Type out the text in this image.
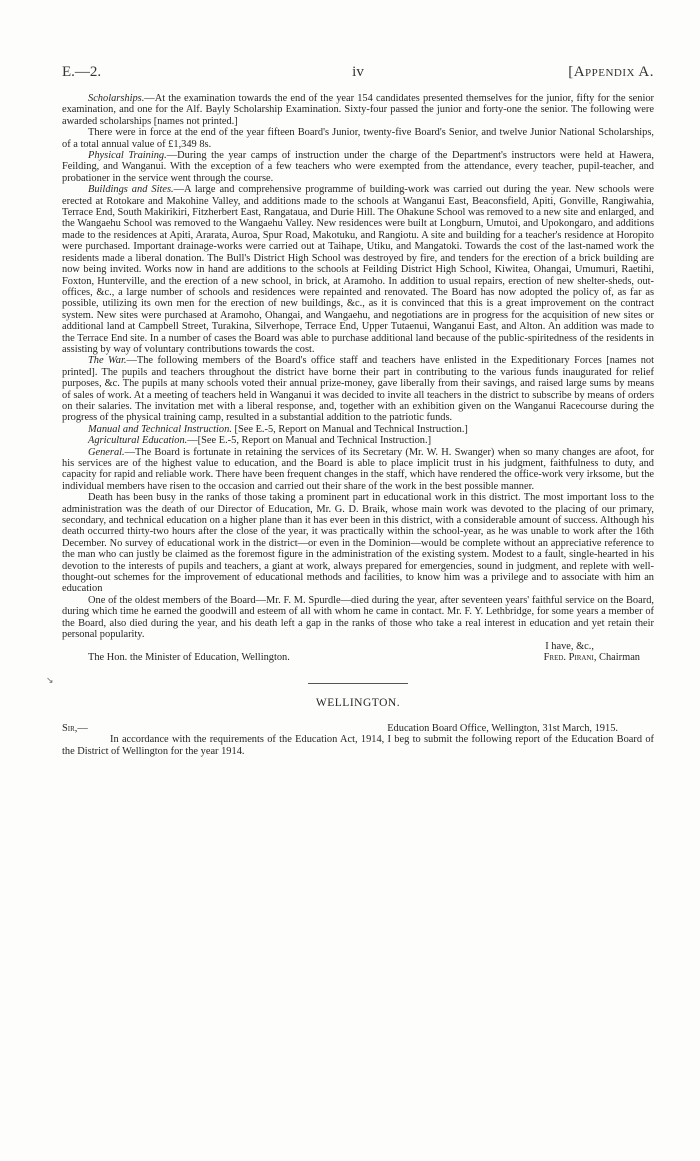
E.—2.	iv	[Appendix A.

Scholarships.—At the examination towards the end of the year 154 candidates presented themselves for the junior, fifty for the senior examination, and one for the Alf. Bayly Scholarship Examination. Sixty-four passed the junior and forty-one the senior. The following were awarded scholarships [names not printed.]

There were in force at the end of the year fifteen Board's Junior, twenty-five Board's Senior, and twelve Junior National Scholarships, of a total annual value of £1,349 8s.

Physical Training.—During the year camps of instruction under the charge of the Department's instructors were held at Hawera, Feilding, and Wanganui. With the exception of a few teachers who were exempted from the attendance, every teacher, pupil-teacher, and probationer in the service went through the course.

Buildings and Sites.—A large and comprehensive programme of building-work was carried out during the year. New schools were erected at Rotokare and Makohine Valley, and additions made to the schools at Wanganui East, Beaconsfield, Apiti, Gonville, Rangiwahia, Terrace End, South Makirikiri, Fitzherbert East, Rangataua, and Durie Hill. The Ohakune School was removed to a new site and enlarged, and the Wangaehu School was removed to the Wangaehu Valley. New residences were built at Longburn, Umutoi, and Upokongaro, and additions made to the residences at Apiti, Ararata, Auroa, Spur Road, Makotuku, and Rangiotu. A site and building for a teacher's residence at Horopito were purchased. Important drainage-works were carried out at Taihape, Utiku, and Mangatoki. Towards the cost of the last-named work the residents made a liberal donation. The Bull's District High School was destroyed by fire, and tenders for the erection of a brick building are now being invited. Works now in hand are additions to the schools at Feilding District High School, Kiwitea, Ohangai, Umumuri, Raetihi, Foxton, Hunterville, and the erection of a new school, in brick, at Aramoho. In addition to usual repairs, erection of new shelter-sheds, out-offices, &c., a large number of schools and residences were repainted and renovated. The Board has now adopted the policy of, as far as possible, utilizing its own men for the erection of new buildings, &c., as it is convinced that this is a great improvement on the contract system. New sites were purchased at Aramoho, Ohangai, and Wangaehu, and negotiations are in progress for the acquisition of new sites or additional land at Campbell Street, Turakina, Silverhope, Terrace End, Upper Tutaenui, Wanganui East, and Alton. An addition was made to the Terrace End site. In a number of cases the Board was able to purchase additional land because of the public-spiritedness of the residents in assisting by way of voluntary contributions towards the cost.

The War.—The following members of the Board's office staff and teachers have enlisted in the Expeditionary Forces [names not printed]. The pupils and teachers throughout the district have borne their part in contributing to the various funds inaugurated for relief purposes, &c. The pupils at many schools voted their annual prize-money, gave liberally from their savings, and raised large sums by means of sales of work. At a meeting of teachers held in Wanganui it was decided to invite all teachers in the district to subscribe by means of orders on their salaries. The invitation met with a liberal response, and, together with an exhibition given on the Wanganui Racecourse during the progress of the physical training camp, resulted in a substantial addition to the patriotic funds.

Manual and Technical Instruction. [See E.-5, Report on Manual and Technical Instruction.]

Agricultural Education.—[See E.-5, Report on Manual and Technical Instruction.]

General.—The Board is fortunate in retaining the services of its Secretary (Mr. W. H. Swanger) when so many changes are afoot, for his services are of the highest value to education, and the Board is able to place implicit trust in his judgment, faithfulness to duty, and capacity for rapid and reliable work. There have been frequent changes in the staff, which have rendered the office-work very irksome, but the individual members have risen to the occasion and carried out their share of the work in the best possible manner.

Death has been busy in the ranks of those taking a prominent part in educational work in this district. The most important loss to the administration was the death of our Director of Education, Mr. G. D. Braik, whose main work was devoted to the placing of our primary, secondary, and technical education on a higher plane than it has ever been in this district, with a considerable amount of success. Although his death occurred thirty-two hours after the close of the year, it was practically within the school-year, as he was unable to work after the 16th December. No survey of educational work in the district—or even in the Dominion—would be complete without an appreciative reference to the man who can justly be claimed as the foremost figure in the administration of the existing system. Modest to a fault, single-hearted in his devotion to the interests of pupils and teachers, a giant at work, always prepared for emergencies, sound in judgment, and replete with well-thought-out schemes for the improvement of educational methods and facilities, to know him was a privilege and to associate with him an education

One of the oldest members of the Board—Mr. F. M. Spurdle—died during the year, after seventeen years' faithful service on the Board, during which time he earned the goodwill and esteem of all with whom he came in contact. Mr. F. Y. Lethbridge, for some years a member of the Board, also died during the year, and his death left a gap in the ranks of those who take a real interest in education and yet retain their personal popularity.

I have, &c.,
The Hon. the Minister of Education, Wellington.	Fred. Pirani, Chairman
WELLINGTON.
Sir,—	Education Board Office, Wellington, 31st March, 1915.

In accordance with the requirements of the Education Act, 1914, I beg to submit the following report of the Education Board of the District of Wellington for the year 1914.

↘
